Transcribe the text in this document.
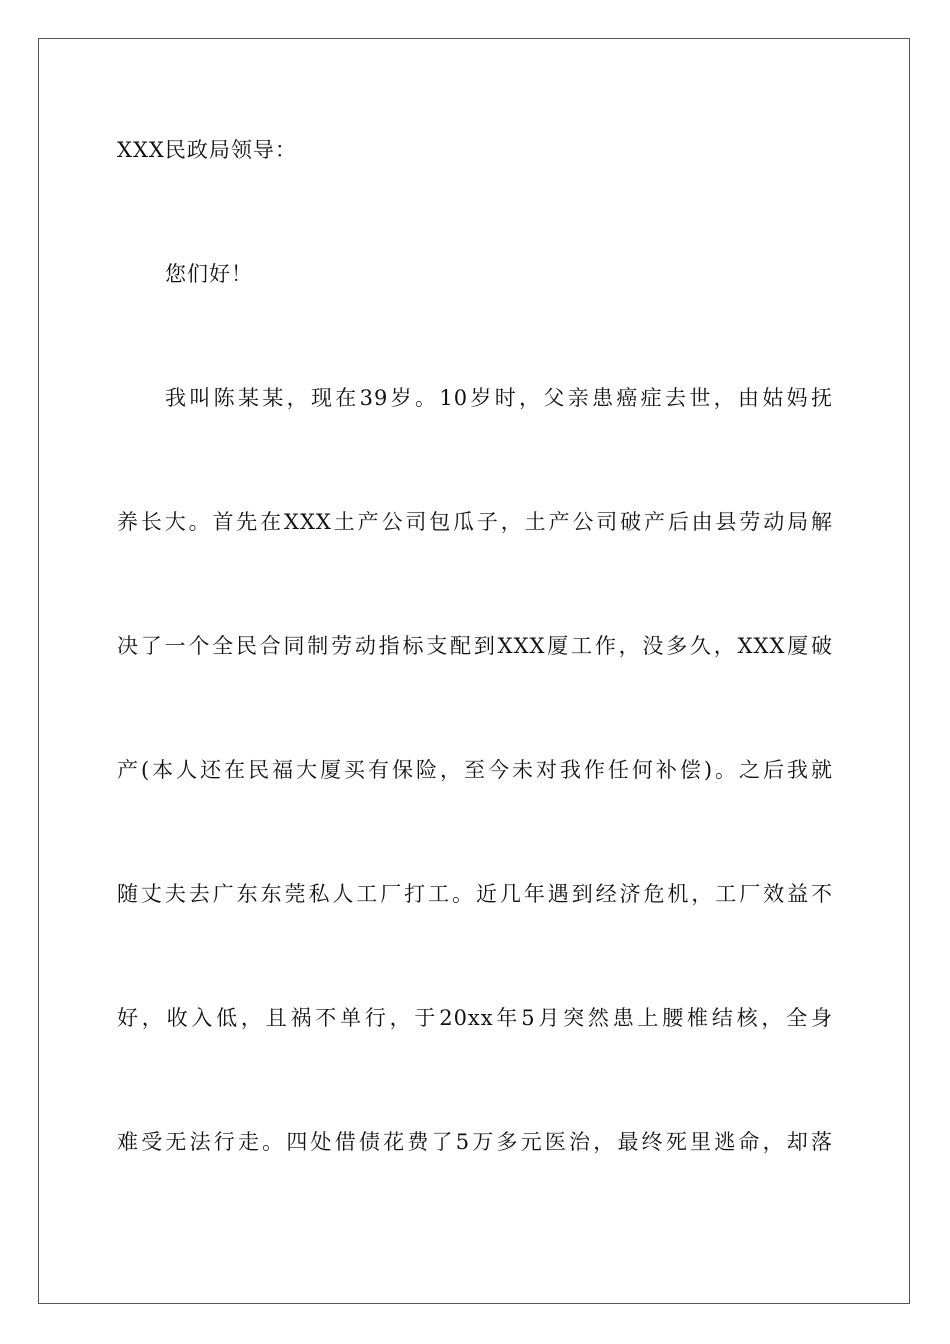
XXX民政局领导：
您们好！
我叫陈某某，现在39岁。10岁时，父亲患癌症去世，由姑妈抚
养长大。首先在XXX土产公司包瓜子，土产公司破产后由县劳动局解
决了一个全民合同制劳动指标支配到XXX厦工作，没多久，XXX厦破
产(本人还在民福大厦买有保险，至今未对我作任何补偿)。之后我就
随丈夫去广东东莞私人工厂打工。近几年遇到经济危机，工厂效益不
好，收入低，且祸不单行，于20xx年5月突然患上腰椎结核，全身
难受无法行走。四处借债花费了5万多元医治，最终死里逃命，却落
